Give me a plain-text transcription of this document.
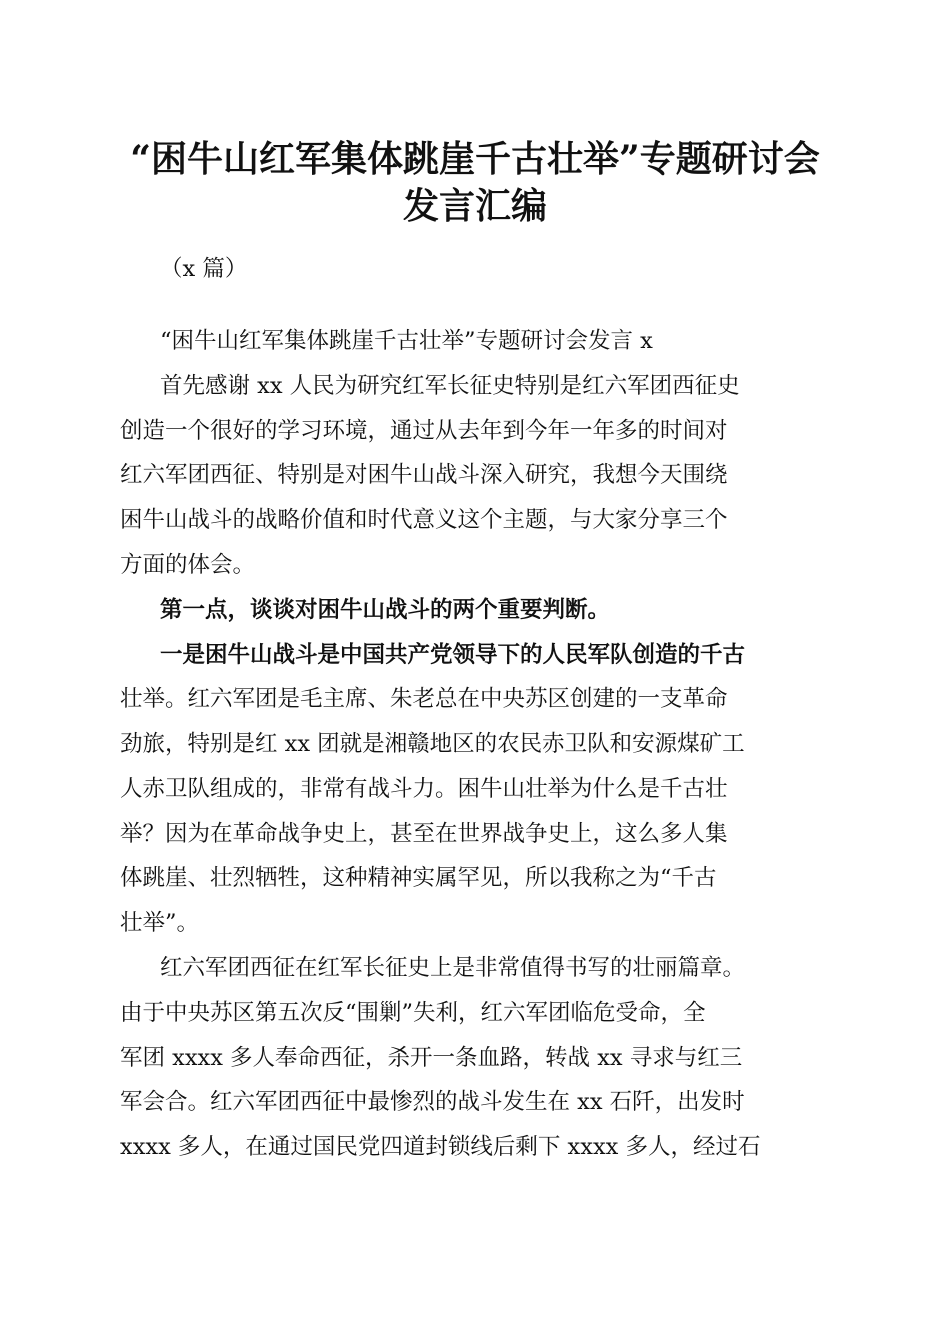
“困牛山红军集体跳崖千古壮举”专题研讨会
发言汇编

（x 篇）

“困牛山红军集体跳崖千古壮举”专题研讨会发言 x

首先感谢 xx 人民为研究红军长征史特别是红六军团西征史

创造一个很好的学习环境，通过从去年到今年一年多的时间对

红六军团西征、特别是对困牛山战斗深入研究，我想今天围绕

困牛山战斗的战略价值和时代意义这个主题，与大家分享三个

方面的体会。

第一点，谈谈对困牛山战斗的两个重要判断。

一是困牛山战斗是中国共产党领导下的人民军队创造的千古

壮举。红六军团是毛主席、朱老总在中央苏区创建的一支革命

劲旅，特别是红 xx 团就是湘赣地区的农民赤卫队和安源煤矿工

人赤卫队组成的，非常有战斗力。困牛山壮举为什么是千古壮

举？因为在革命战争史上，甚至在世界战争史上，这么多人集

体跳崖、壮烈牺牲，这种精神实属罕见，所以我称之为“千古

壮举”。

红六军团西征在红军长征史上是非常值得书写的壮丽篇章。

由于中央苏区第五次反“围剿”失利，红六军团临危受命，全

军团 xxxx 多人奉命西征，杀开一条血路，转战 xx 寻求与红三

军会合。红六军团西征中最惨烈的战斗发生在 xx 石阡，出发时

xxxx 多人，在通过国民党四道封锁线后剩下 xxxx 多人，经过石
